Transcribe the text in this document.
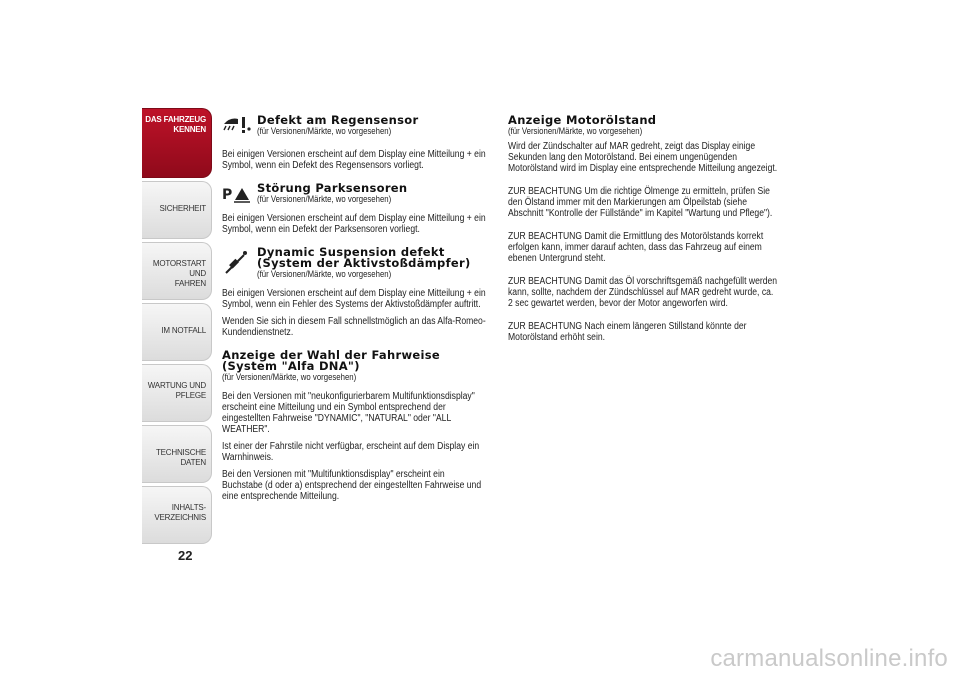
DAS FAHRZEUG
KENNEN
SICHERHEIT
MOTORSTART UND
FAHREN
IM NOTFALL
WARTUNG UND
PFLEGE
TECHNISCHE DATEN
INHALTS-
VERZEICHNIS
22
Defekt am Regensensor
(für Versionen/Märkte, wo vorgesehen)

Bei einigen Versionen erscheint auf dem Display eine Mitteilung + ein Symbol, wenn ein Defekt des Regensensors vorliegt.

P Störung Parksensoren
(für Versionen/Märkte, wo vorgesehen)

Bei einigen Versionen erscheint auf dem Display eine Mitteilung + ein Symbol, wenn ein Defekt der Parksensoren vorliegt.

Dynamic Suspension defekt
(System der Aktivstoßdämpfer)
(für Versionen/Märkte, wo vorgesehen)

Bei einigen Versionen erscheint auf dem Display eine Mitteilung + ein Symbol, wenn ein Fehler des Systems der Aktivstoßdämpfer auftritt.

Wenden Sie sich in diesem Fall schnellstmöglich an das Alfa-Romeo-Kundendienstnetz.

Anzeige der Wahl der Fahrweise
(System "Alfa DNA")
(für Versionen/Märkte, wo vorgesehen)

Bei den Versionen mit "neukonfigurierbarem Multifunktionsdisplay" erscheint eine Mitteilung und ein Symbol entsprechend der eingestellten Fahrweise "DYNAMIC", "NATURAL" oder "ALL WEATHER".

Ist einer der Fahrstile nicht verfügbar, erscheint auf dem Display ein Warnhinweis.

Bei den Versionen mit "Multifunktionsdisplay" erscheint ein Buchstabe (d oder a) entsprechend der eingestellten Fahrweise und eine entsprechende Mitteilung.

Anzeige Motorölstand
(für Versionen/Märkte, wo vorgesehen)

Wird der Zündschalter auf MAR gedreht, zeigt das Display einige Sekunden lang den Motorölstand. Bei einem ungenügenden Motorölstand wird im Display eine entsprechende Mitteilung angezeigt.

ZUR BEACHTUNG Um die richtige Ölmenge zu ermitteln, prüfen Sie den Ölstand immer mit den Markierungen am Ölpeilstab (siehe Abschnitt "Kontrolle der Füllstände" im Kapitel "Wartung und Pflege").

ZUR BEACHTUNG Damit die Ermittlung des Motorölstands korrekt erfolgen kann, immer darauf achten, dass das Fahrzeug auf einem ebenen Untergrund steht.

ZUR BEACHTUNG Damit das Öl vorschriftsgemäß nachgefüllt werden kann, sollte, nachdem der Zündschlüssel auf MAR gedreht wurde, ca. 2 sec gewartet werden, bevor der Motor angeworfen wird.

ZUR BEACHTUNG Nach einem längeren Stillstand könnte der Motorölstand erhöht sein.

carmanualsonline.info
